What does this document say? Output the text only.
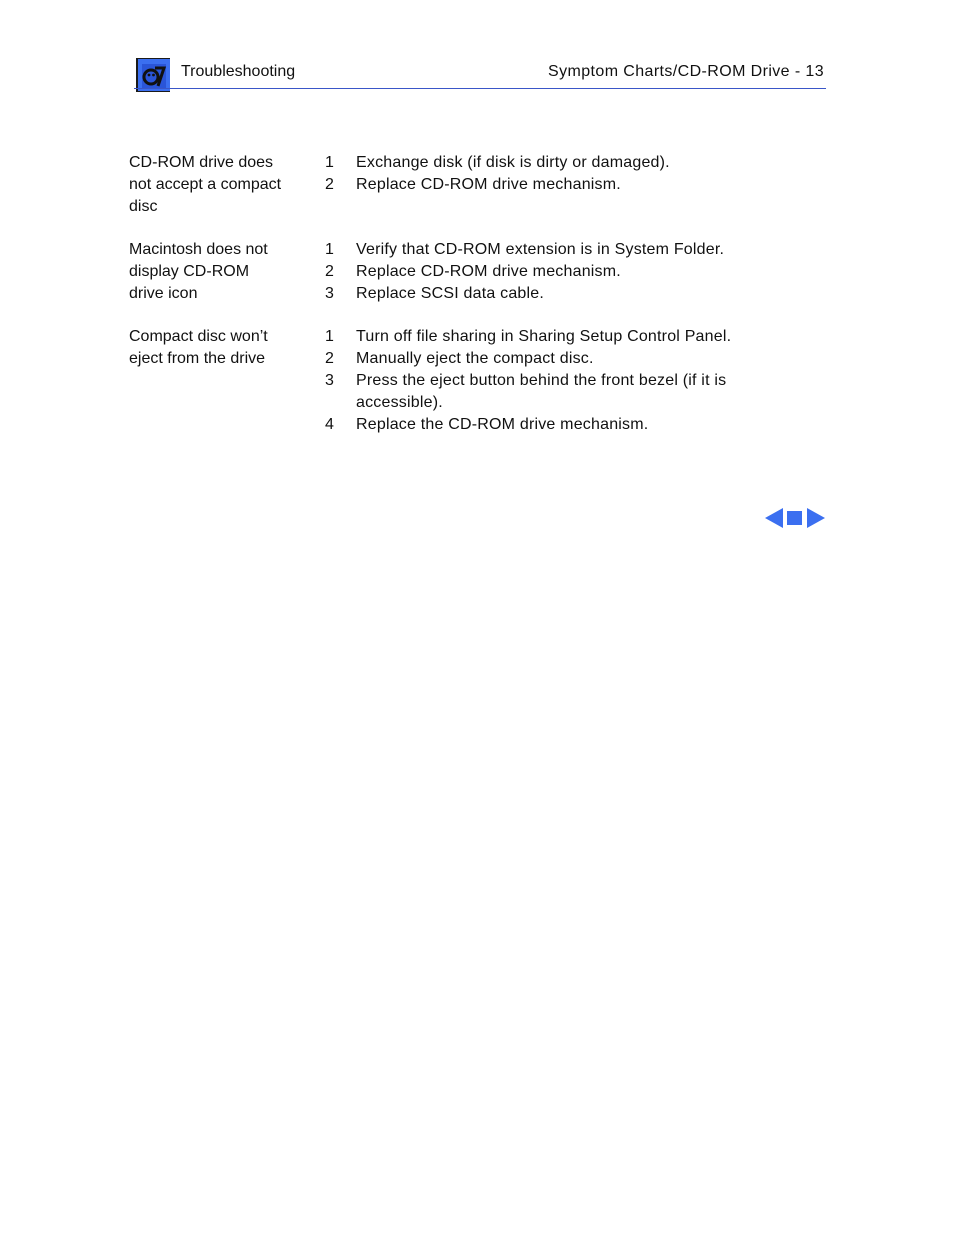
Troubleshooting	Symptom Charts/CD-ROM Drive - 13
CD-ROM drive does
not accept a compact
disc
1	Exchange disk (if disk is dirty or damaged).
2	Replace CD-ROM drive mechanism.
Macintosh does not
display CD-ROM
drive icon
1	Verify that CD-ROM extension is in System Folder.
2	Replace CD-ROM drive mechanism.
3	Replace SCSI data cable.
Compact disc won’t
eject from the drive
1	Turn off file sharing in Sharing Setup Control Panel.
2	Manually eject the compact disc.
3	Press the eject button behind the front bezel (if it is accessible).
4	Replace the CD-ROM drive mechanism.
